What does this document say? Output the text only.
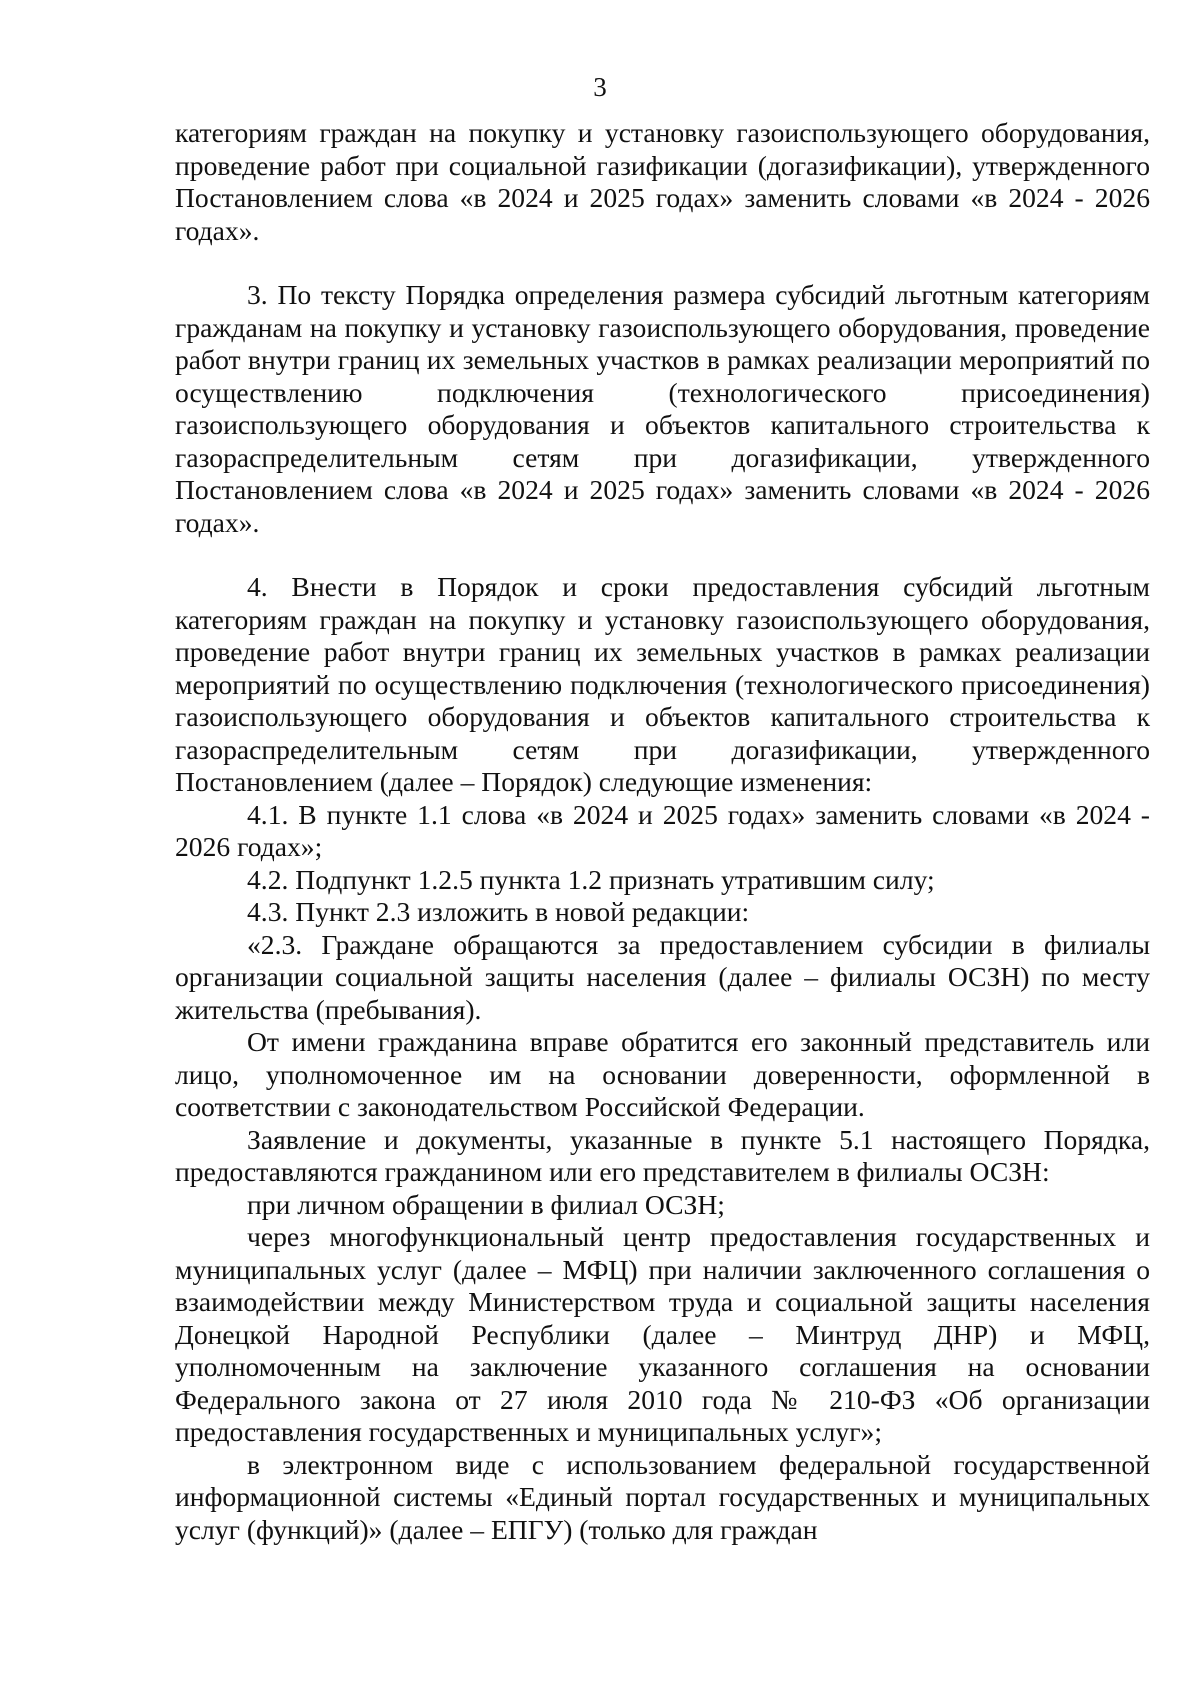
3

категориям граждан на покупку и установку газоиспользующего оборудования, проведение работ при социальной газификации (догазификации), утвержденного Постановлением слова «в 2024 и 2025 годах» заменить словами «в 2024 - 2026 годах».

3. По тексту Порядка определения размера субсидий льготным категориям гражданам на покупку и установку газоиспользующего оборудования, проведение работ внутри границ их земельных участков в рамках реализации мероприятий по осуществлению подключения (технологического присоединения) газоиспользующего оборудования и объектов капитального строительства к газораспределительным сетям при догазификации, утвержденного Постановлением слова «в 2024 и 2025 годах» заменить словами «в 2024 - 2026 годах».

4. Внести в Порядок и сроки предоставления субсидий льготным категориям граждан на покупку и установку газоиспользующего оборудования, проведение работ внутри границ их земельных участков в рамках реализации мероприятий по осуществлению подключения (технологического присоединения) газоиспользующего оборудования и объектов капитального строительства к газораспределительным сетям при догазификации, утвержденного Постановлением (далее – Порядок) следующие изменения:

4.1. В пункте 1.1 слова «в 2024 и 2025 годах» заменить словами «в 2024 - 2026 годах»;

4.2. Подпункт 1.2.5 пункта 1.2 признать утратившим силу;

4.3. Пункт 2.3 изложить в новой редакции:

«2.3. Граждане обращаются за предоставлением субсидии в филиалы организации социальной защиты населения (далее – филиалы ОСЗН) по месту жительства (пребывания).

От имени гражданина вправе обратится его законный представитель или лицо, уполномоченное им на основании доверенности, оформленной в соответствии с законодательством Российской Федерации.

Заявление и документы, указанные в пункте 5.1 настоящего Порядка, предоставляются гражданином или его представителем в филиалы ОСЗН:

при личном обращении в филиал ОСЗН;

через многофункциональный центр предоставления государственных и муниципальных услуг (далее – МФЦ) при наличии заключенного соглашения о взаимодействии между Министерством труда и социальной защиты населения Донецкой Народной Республики (далее – Минтруд ДНР) и МФЦ, уполномоченным на заключение указанного соглашения на основании Федерального закона от 27 июля 2010 года № 210-ФЗ «Об организации предоставления государственных и муниципальных услуг»;

в электронном виде с использованием федеральной государственной информационной системы «Единый портал государственных и муниципальных услуг (функций)» (далее – ЕПГУ) (только для граждан
